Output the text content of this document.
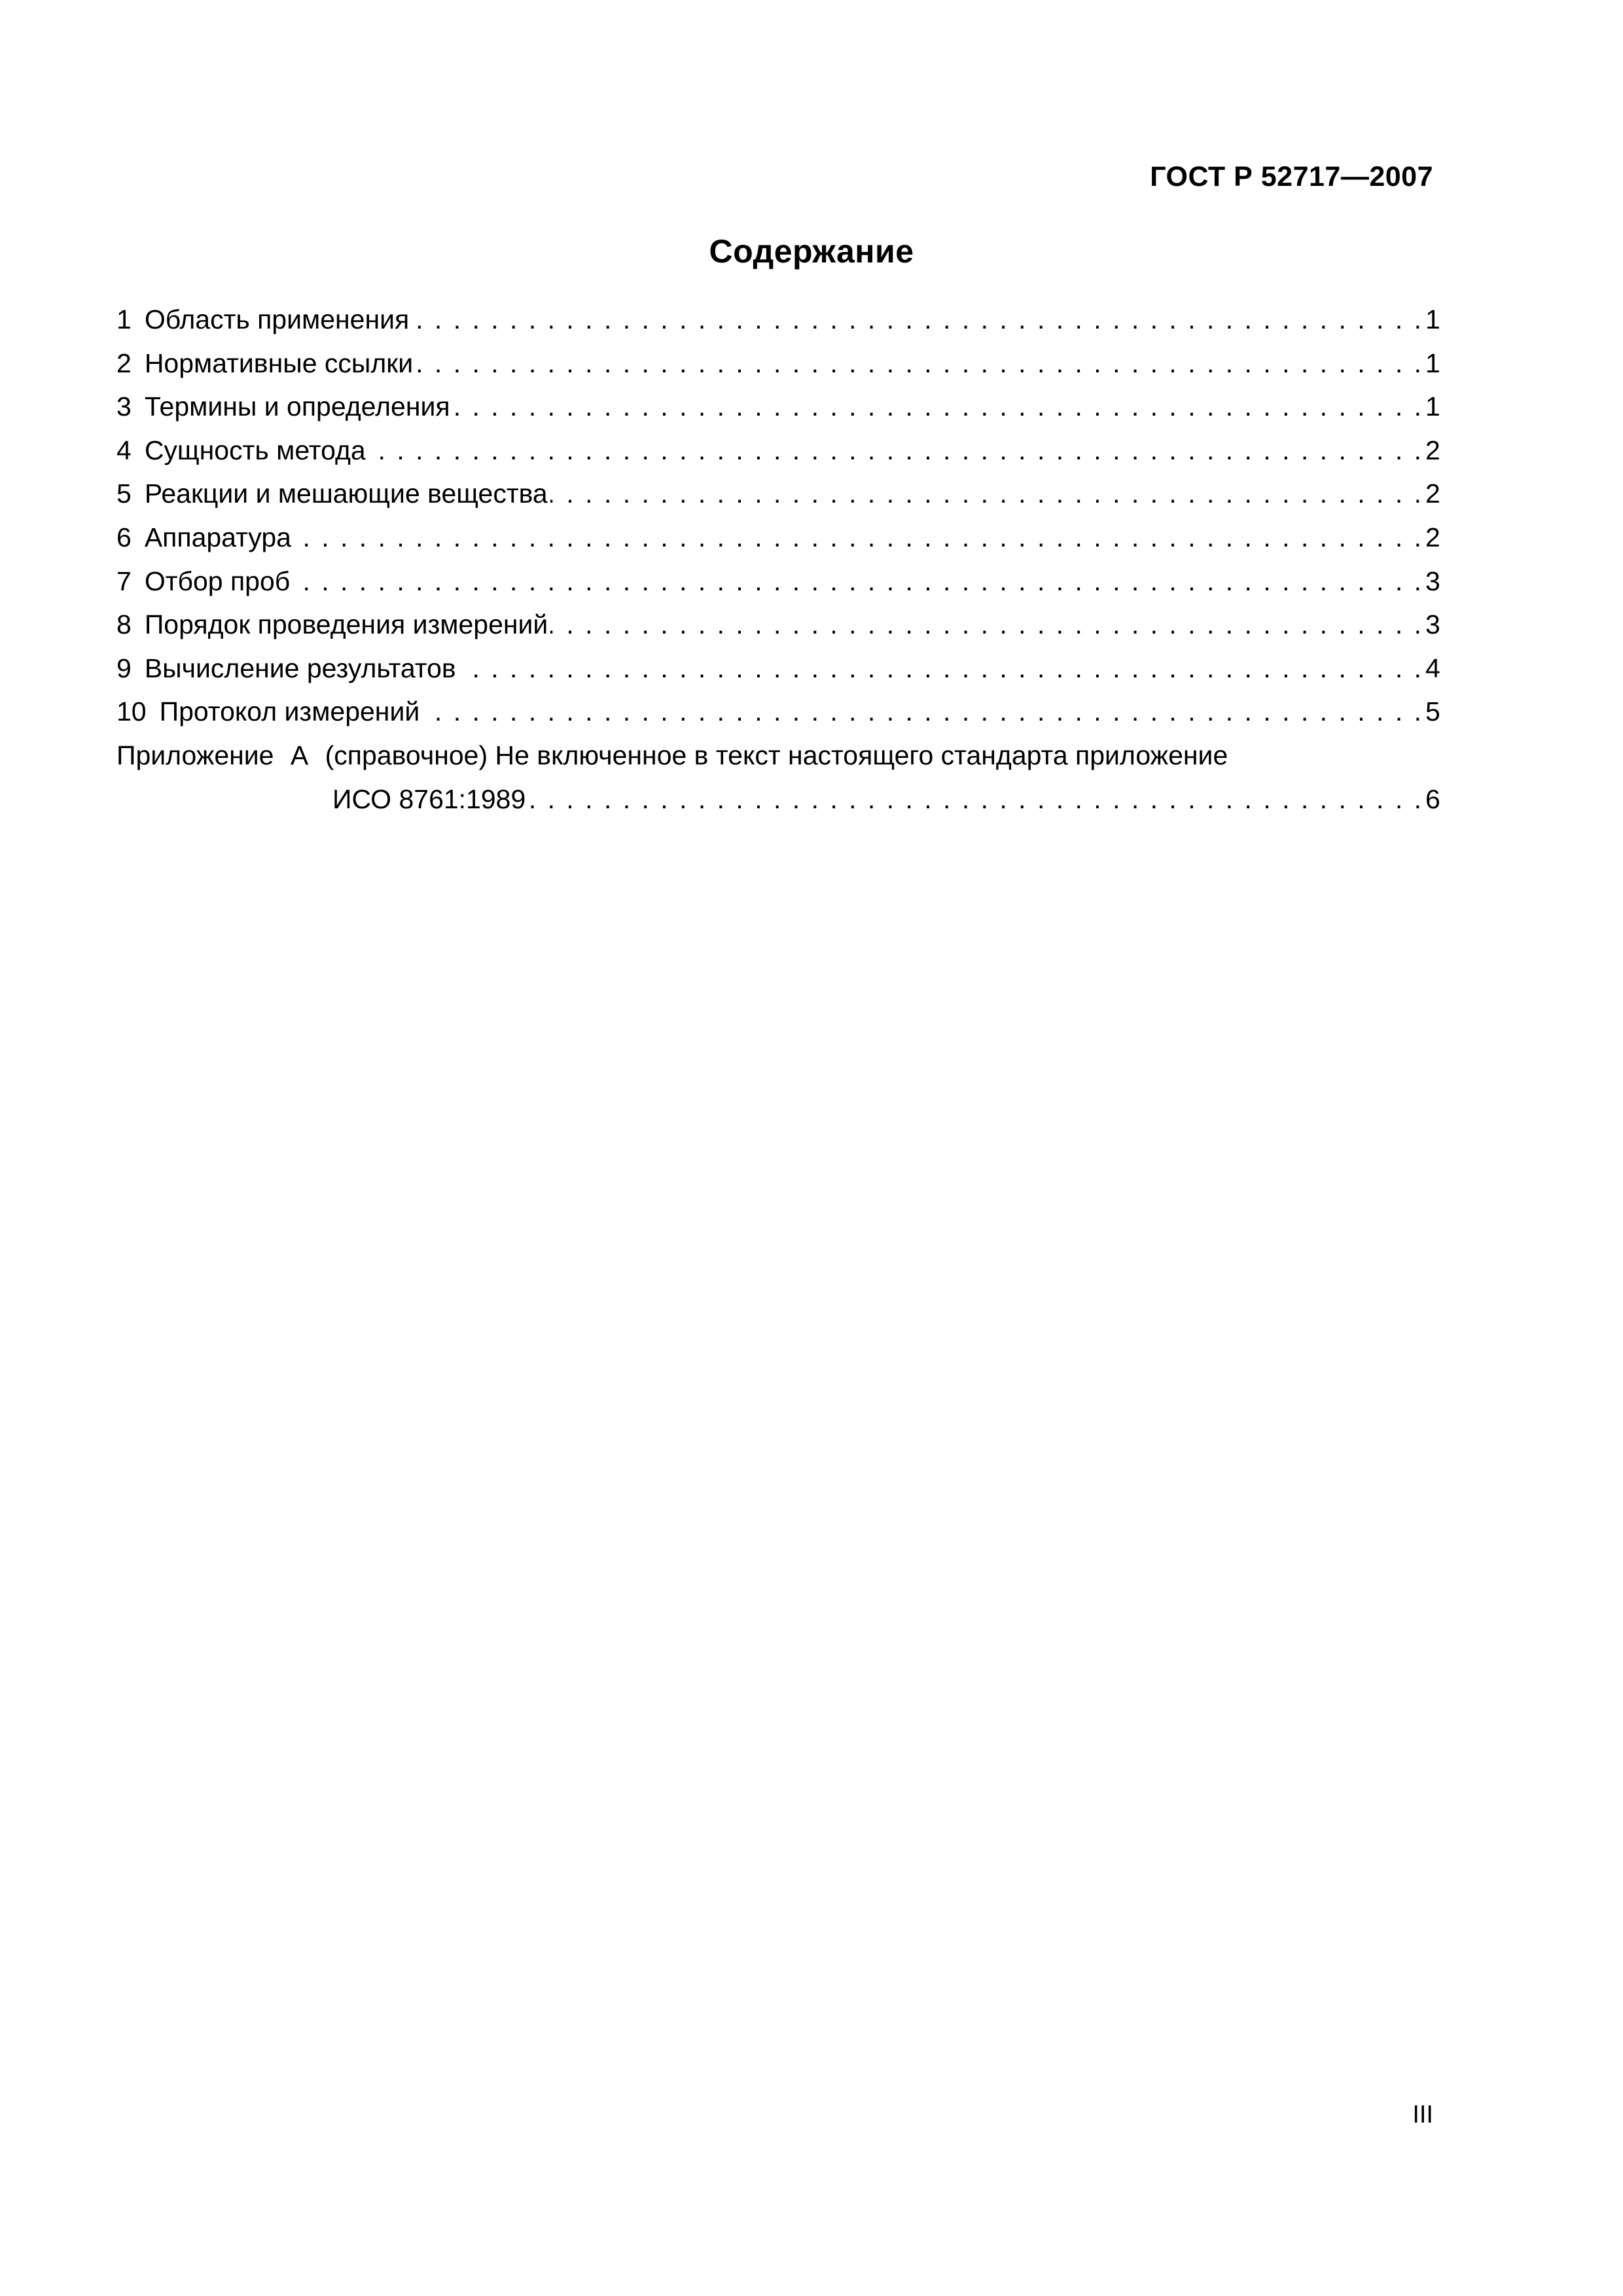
ГОСТ Р 52717—2007
Содержание
1 Область применения . . .	1
2 Нормативные ссылки . . .	1
3 Термины и определения . . .	1
4 Сущность метода . . .	2
5 Реакции и мешающие вещества . . .	2
6 Аппаратура . . .	2
7 Отбор проб . . .	3
8 Порядок проведения измерений . . .	3
9 Вычисление результатов . . .	4
10 Протокол измерений . . .	5
Приложение А (справочное) Не включенное в текст настоящего стандарта приложение
ИСО 8761:1989 . . .	6
III
